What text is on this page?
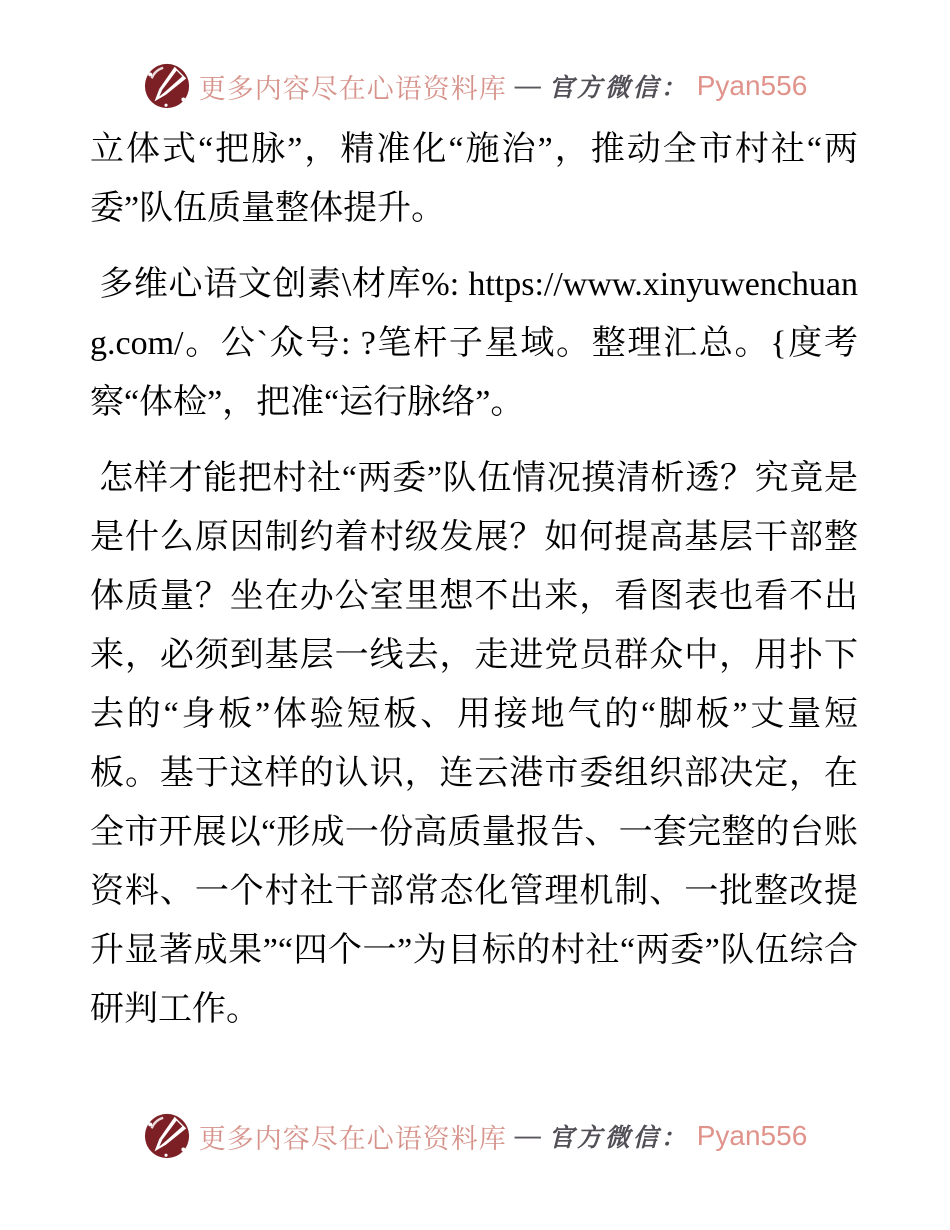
更多内容尽在心语资料库 — 官方微信： Pyan556

立体式“把脉”，精准化“施治”，推动全市村社“两委”队伍质量整体提升。

多维心语文创素\材库%: https://www.xinyuwenchuang.com/。公`众号: ?笔杆子星域。整理汇总。{度考察“体检”，把准“运行脉络”。

怎样才能把村社“两委”队伍情况摸清析透？究竟是是什么原因制约着村级发展？如何提高基层干部整体质量？坐在办公室里想不出来，看图表也看不出来，必须到基层一线去，走进党员群众中，用扑下去的“身板”体验短板、用接地气的“脚板”丈量短板。基于这样的认识，连云港市委组织部决定，在全市开展以“形成一份高质量报告、一套完整的台账资料、一个村社干部常态化管理机制、一批整改提升显著成果”“四个一”为目标的村社“两委”队伍综合研判工作。

更多内容尽在心语资料库 — 官方微信： Pyan556
